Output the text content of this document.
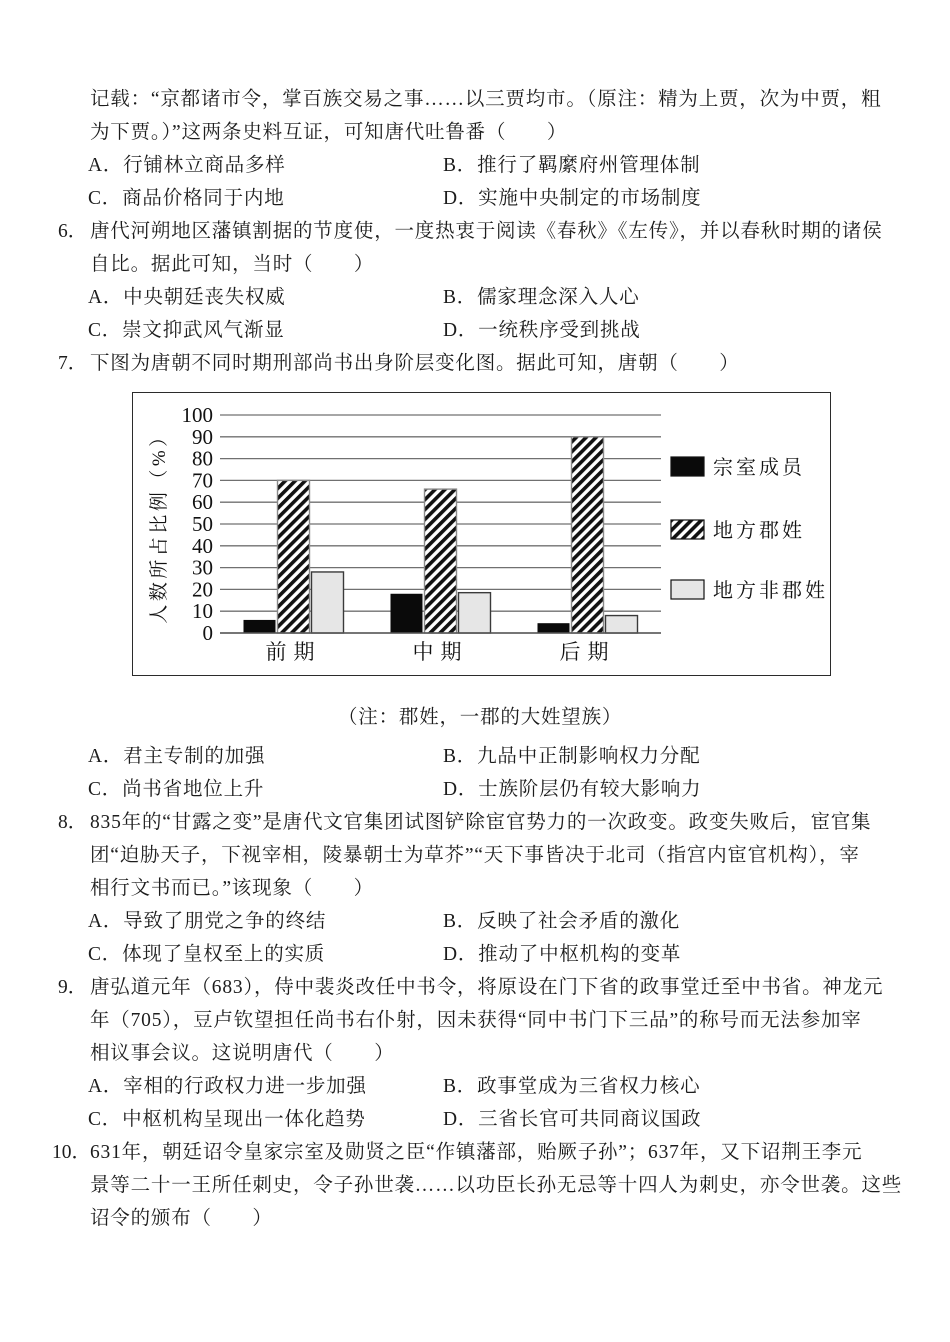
记载：“京都诸市令，掌百族交易之事……以三贾均市。（原注：精为上贾，次为中贾，粗
为下贾。）”这两条史料互证，可知唐代吐鲁番（　　）
A．行铺林立商品多样	B．推行了羁縻府州管理体制
C．商品价格同于内地	D．实施中央制定的市场制度
6． 唐代河朔地区藩镇割据的节度使，一度热衷于阅读《春秋》《左传》，并以春秋时期的诸侯
自比。据此可知，当时（　　）
A．中央朝廷丧失权威	B．儒家理念深入人心
C．崇文抑武风气渐显	D．一统秩序受到挑战
7． 下图为唐朝不同时期刑部尚书出身阶层变化图。据此可知，唐朝（　　）
0
10
20
30
40
50
60
70
80
90
100
人数所占比例（%）
前期	中期	后期
宗室成员
地方郡姓
地方非郡姓
（注：郡姓，一郡的大姓望族）
A．君主专制的加强	B．九品中正制影响权力分配
C．尚书省地位上升	D．士族阶层仍有较大影响力
8． 835年的“甘露之变”是唐代文官集团试图铲除宦官势力的一次政变。政变失败后，宦官集
团“迫胁天子，下视宰相，陵暴朝士为草芥”“天下事皆决于北司（指宫内宦官机构），宰
相行文书而已。”该现象（　　）
A．导致了朋党之争的终结	B．反映了社会矛盾的激化
C．体现了皇权至上的实质	D．推动了中枢机构的变革
9． 唐弘道元年（683），侍中裴炎改任中书令，将原设在门下省的政事堂迁至中书省。神龙元
年（705），豆卢钦望担任尚书右仆射，因未获得“同中书门下三品”的称号而无法参加宰
相议事会议。这说明唐代（　　）
A．宰相的行政权力进一步加强	B．政事堂成为三省权力核心
C．中枢机构呈现出一体化趋势	D．三省长官可共同商议国政
10．631年，朝廷诏令皇家宗室及勋贤之臣“作镇藩部，贻厥子孙”；637年，又下诏荆王李元
景等二十一王所任刺史，令子孙世袭……以功臣长孙无忌等十四人为刺史，亦令世袭。这些
诏令的颁布（　　）
